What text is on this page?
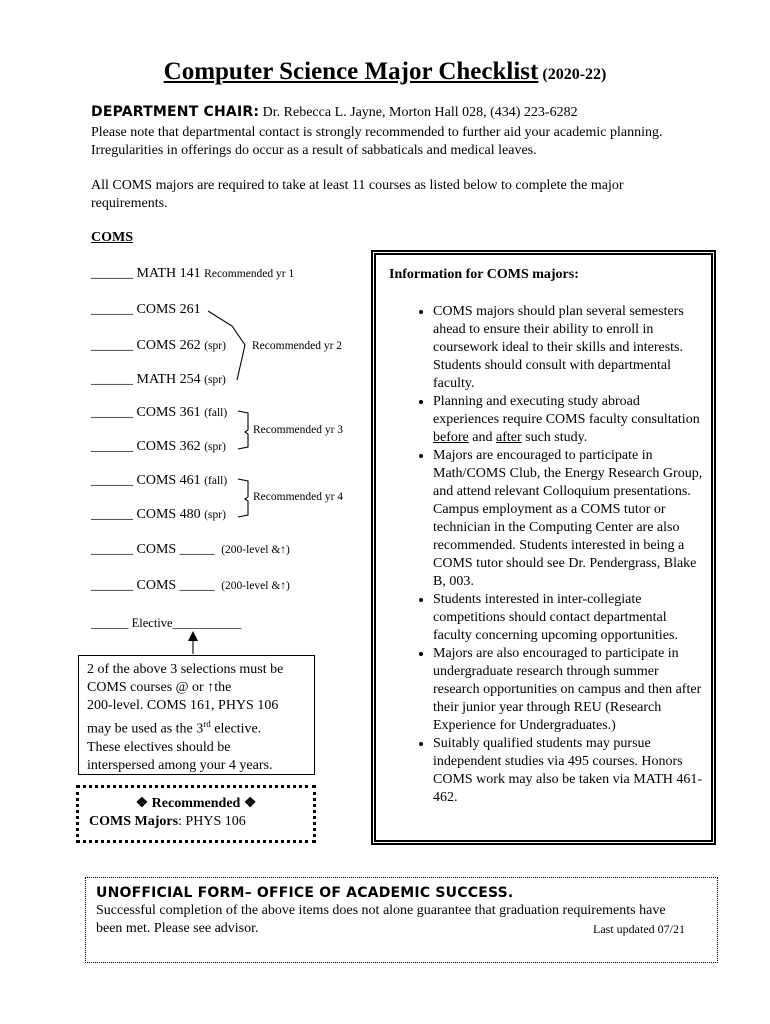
Computer Science Major Checklist (2020-22)
DEPARTMENT CHAIR: Dr. Rebecca L. Jayne, Morton Hall 028, (434) 223-6282
Please note that departmental contact is strongly recommended to further aid your academic planning.
Irregularities in offerings do occur as a result of sabbaticals and medical leaves.
All COMS majors are required to take at least 11 courses as listed below to complete the major
requirements.
COMS
______ MATH 141 Recommended yr 1
______ COMS 261
______ COMS 262 (spr)
______ MATH 254 (spr)
______ COMS 361 (fall)
______ COMS 362 (spr)
______ COMS 461 (fall)
______ COMS 480 (spr)
______ COMS _____ (200-level &↑)
______ COMS _____ (200-level &↑)
______ Elective___________
Recommended yr 2
Recommended yr 3
Recommended yr 4
Information for COMS majors:
• COMS majors should plan several semesters ahead to ensure their ability to enroll in coursework ideal to their skills and interests. Students should consult with departmental faculty.
• Planning and executing study abroad experiences require COMS faculty consultation before and after such study.
• Majors are encouraged to participate in Math/COMS Club, the Energy Research Group, and attend relevant Colloquium presentations. Campus employment as a COMS tutor or technician in the Computing Center are also recommended. Students interested in being a COMS tutor should see Dr. Pendergrass, Blake B, 003.
• Students interested in inter-collegiate competitions should contact departmental faculty concerning upcoming opportunities.
• Majors are also encouraged to participate in undergraduate research through summer research opportunities on campus and then after their junior year through REU (Research Experience for Undergraduates.)
• Suitably qualified students may pursue independent studies via 495 courses. Honors COMS work may also be taken via MATH 461-462.
2 of the above 3 selections must be
COMS courses @ or ↑the
200-level. COMS 161, PHYS 106
may be used as the 3rd elective.
These electives should be
interspersed among your 4 years.
❖ Recommended ❖
COMS Majors: PHYS 106
UNOFFICIAL FORM– OFFICE OF ACADEMIC SUCCESS.
Successful completion of the above items does not alone guarantee that graduation requirements have
been met. Please see advisor.	Last updated 07/21
